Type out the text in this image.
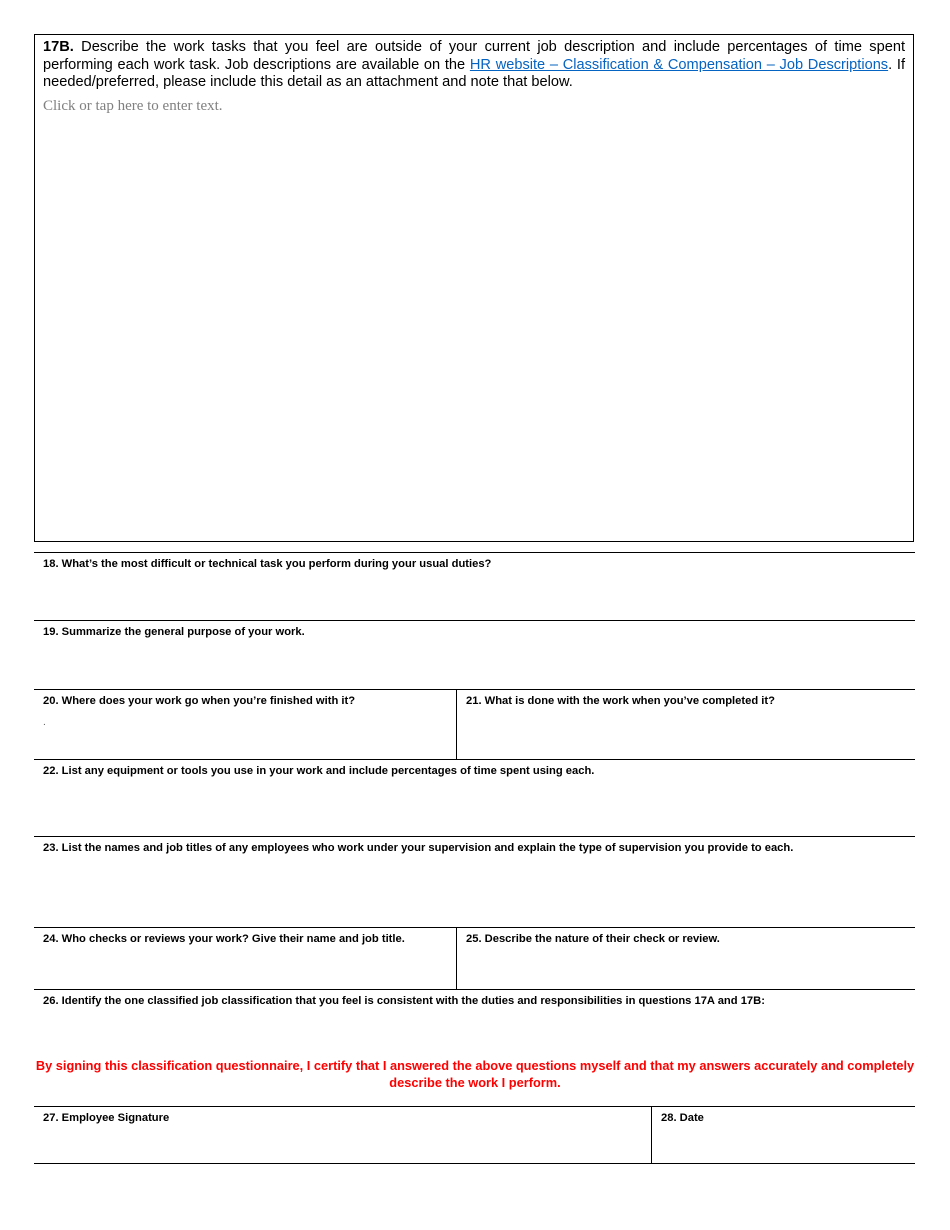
17B. Describe the work tasks that you feel are outside of your current job description and include percentages of time spent performing each work task. Job descriptions are available on the HR website – Classification & Compensation – Job Descriptions. If needed/preferred, please include this detail as an attachment and note that below.
Click or tap here to enter text.
18. What’s the most difficult or technical task you perform during your usual duties?
19. Summarize the general purpose of your work.
20. Where does your work go when you’re finished with it?
.
21. What is done with the work when you’ve completed it?
22. List any equipment or tools you use in your work and include percentages of time spent using each.
23. List the names and job titles of any employees who work under your supervision and explain the type of supervision you provide to each.
24. Who checks or reviews your work? Give their name and job title.	25. Describe the nature of their check or review.
26. Identify the one classified job classification that you feel is consistent with the duties and responsibilities in questions 17A and 17B:
By signing this classification questionnaire, I certify that I answered the above questions myself and that my answers accurately and completely describe the work I perform.
27. Employee Signature	28. Date
